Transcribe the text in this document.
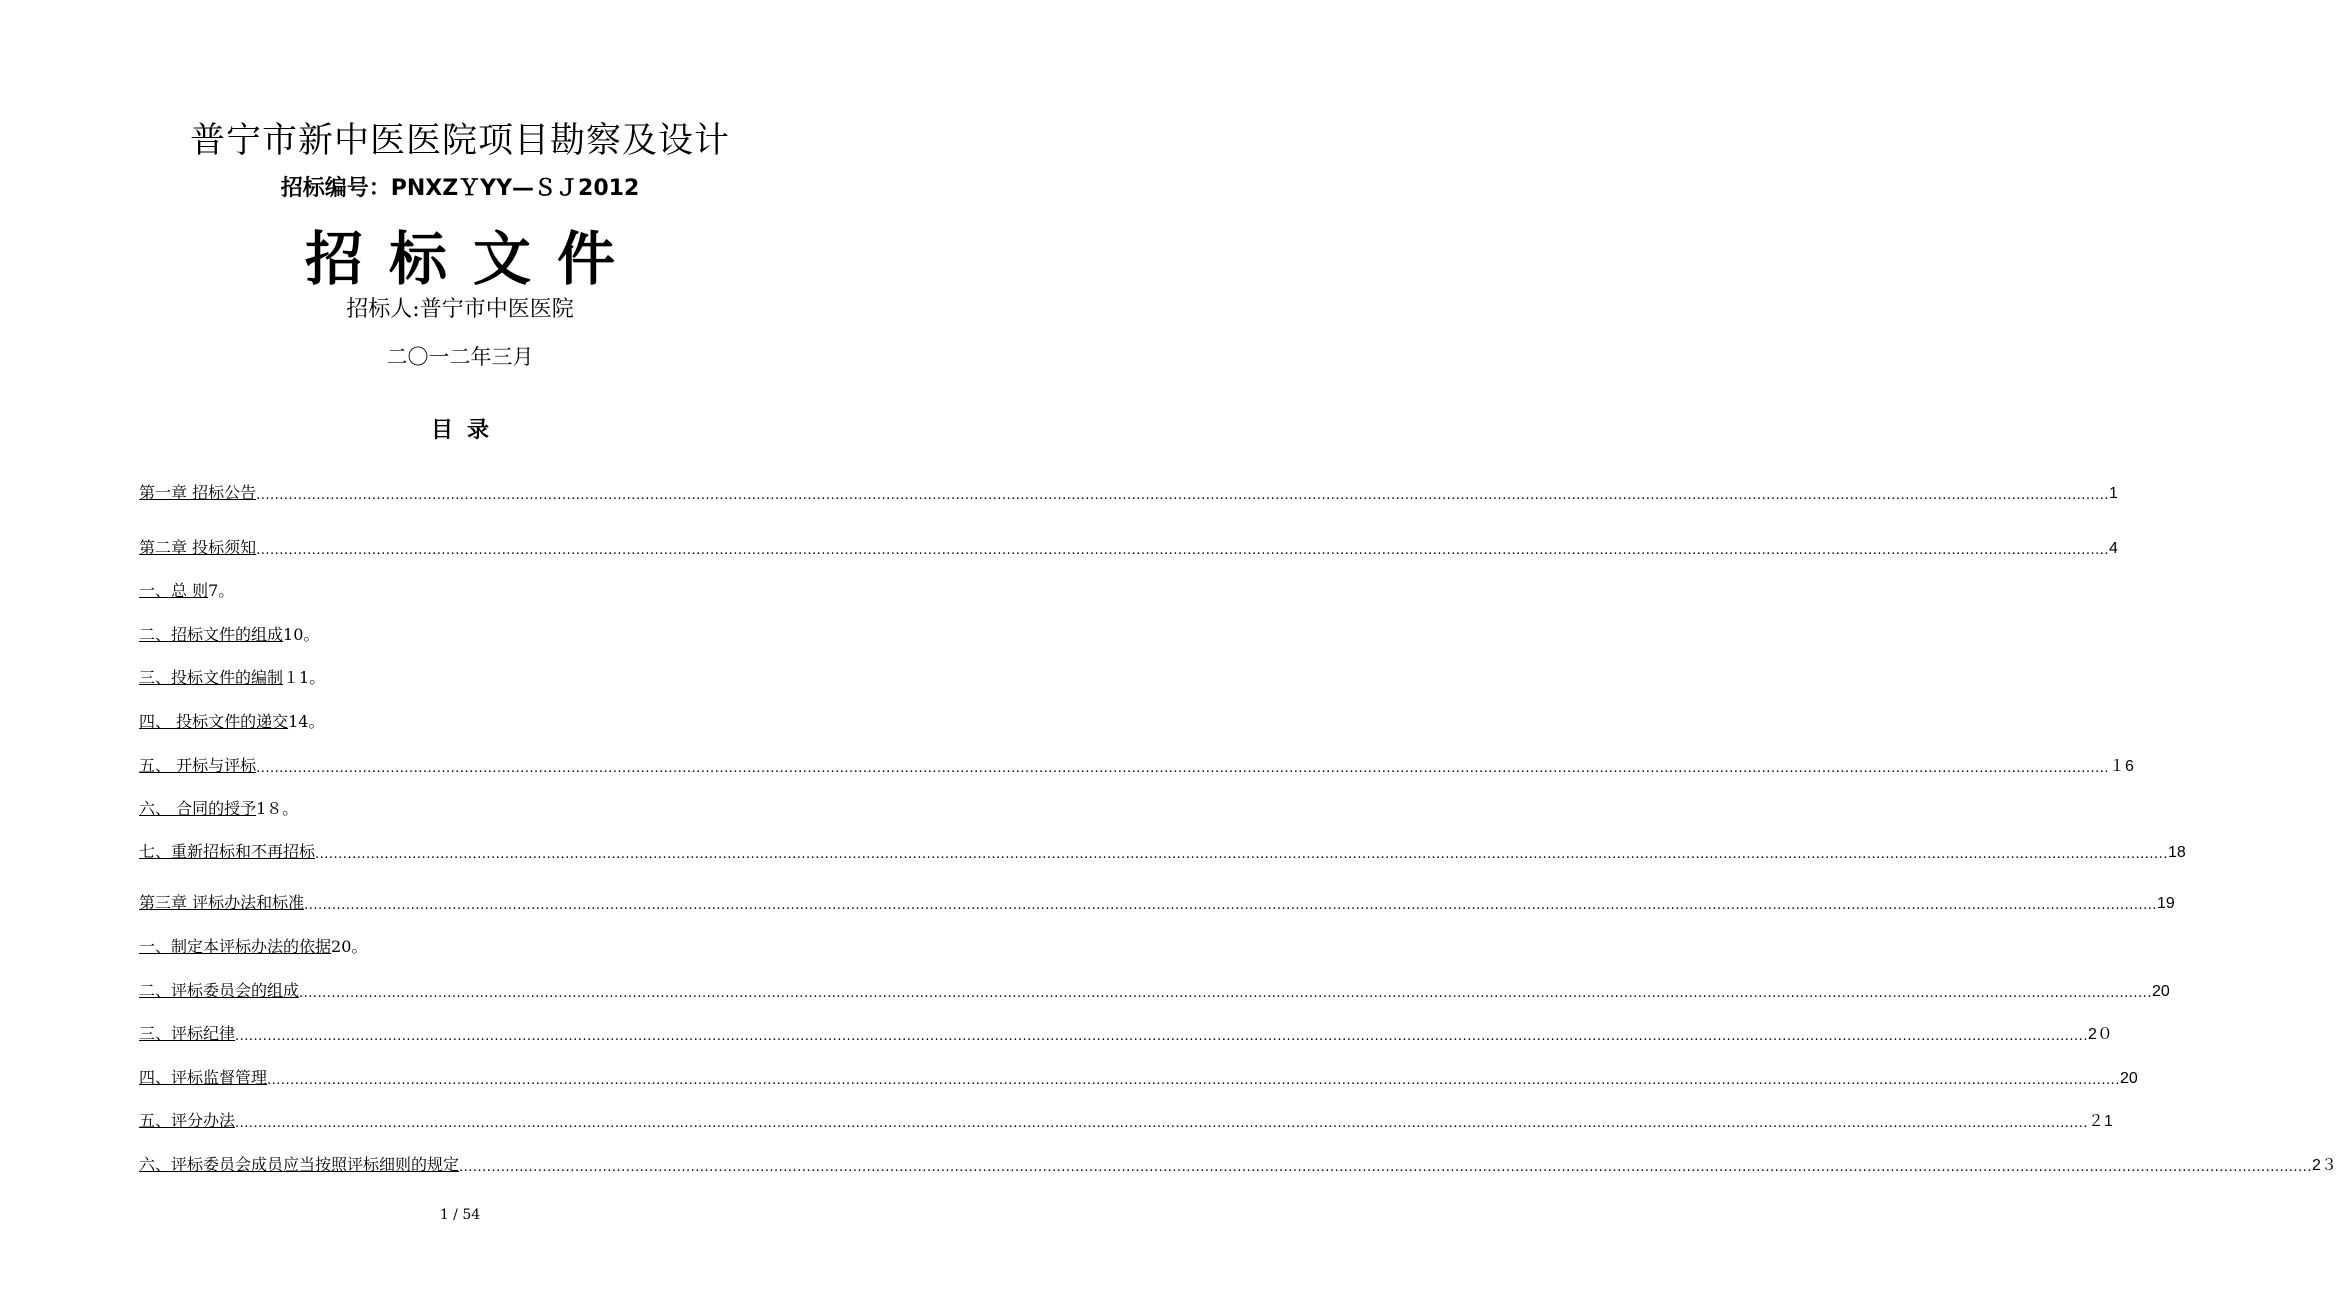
普宁市新中医医院项目勘察及设计
招标编号：PNXZＹYY—ＳＪ2012
招标文件
招标人:普宁市中医医院
二〇一二年三月
目录
第一章 招标公告 ................................................................................................................................................................................................................................................................................................................................................................................................................ 1
第二章 投标须知 ................................................................................................................................................................................................................................................................................................................................................................................................................ 4
一、总 则 7。
二、招标文件的组成 10。
三、投标文件的编制 １1。
四、 投标文件的递交 14。
五、 开标与评标 ................................................................................................................................................................................................................................................................................................................................................................................................................ １6
六、 合同的授予 1８。
七、重新招标和不再招标 ................................................................................................................................................................................................................................................................................................................................................................................................................ 18
第三章 评标办法和标准 ................................................................................................................................................................................................................................................................................................................................................................................................................ 19
一、制定本评标办法的依据 20。
二、评标委员会的组成 ................................................................................................................................................................................................................................................................................................................................................................................................................ 20
三、评标纪律 ................................................................................................................................................................................................................................................................................................................................................................................................................ 2０
四、评标监督管理 ................................................................................................................................................................................................................................................................................................................................................................................................................ 20
五、评分办法 ................................................................................................................................................................................................................................................................................................................................................................................................................ ２1
六、评标委员会成员应当按照评标细则的规定 ................................................................................................................................................................................................................................................................................................................................................................................................................ 2３
1 / 54
